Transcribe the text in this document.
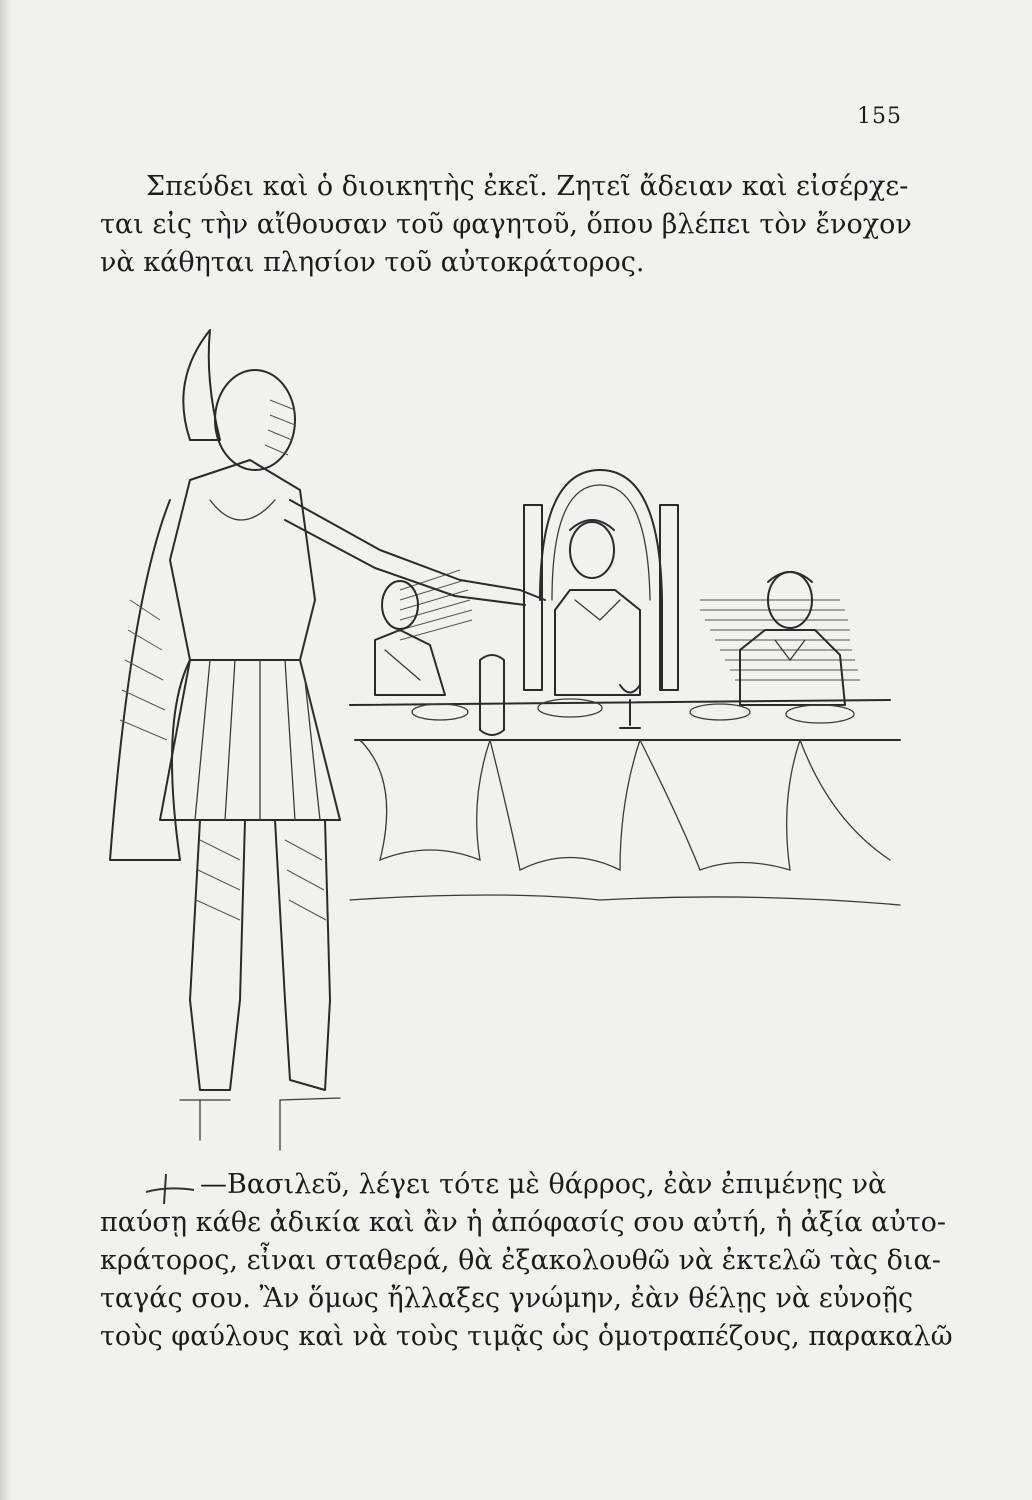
155
Σπεύδει καὶ ὁ διοικητὴς ἐκεῖ. Ζητεῖ ἄδειαν καὶ εἰσέρχε-
ται εἰς τὴν αἴθουσαν τοῦ φαγητοῦ, ὅπου βλέπει τὸν ἔνοχον
νὰ κάθηται πλησίον τοῦ αὐτοκράτορος.
—Βασιλεῦ, λέγει τότε μὲ θάρρος, ἐὰν ἐπιμένῃς νὰ
παύσῃ κάθε ἀδικία καὶ ἂν ἡ ἀπόφασίς σου αὐτή, ἡ ἀξία αὐτο-
κράτορος, εἶναι σταθερά, θὰ ἐξακολουθῶ νὰ ἐκτελῶ τὰς δια-
ταγάς σου. Ἂν ὅμως ἤλλαξες γνώμην, ἐὰν θέλῃς νὰ εὐνοῇς
τοὺς φαύλους καὶ νὰ τοὺς τιμᾷς ὡς ὁμοτραπέζους, παρακαλῶ
